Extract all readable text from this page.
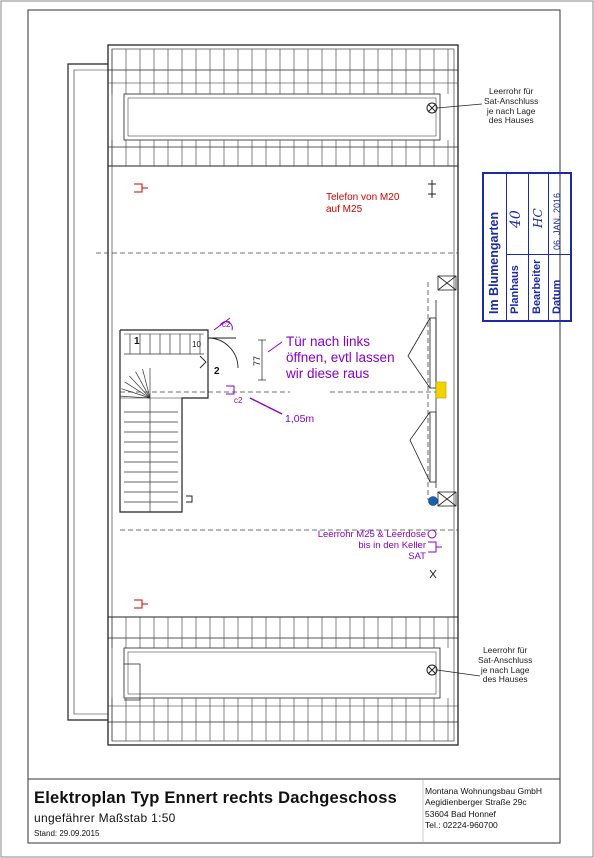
1
2
10
c2
c2
77
Leerrohr für
Sat-Anschluss
je nach Lage
des Hauses
Leerrohr für
Sat-Anschluss
je nach Lage
des Hauses
Telefon von M20
auf M25
Tür nach links
öffnen, evtl lassen
wir diese raus
1,05m
Leerrohr M25 & Leerdose
bis in den Keller
SAT
Im Blumengarten Planhaus
40
Bearbeiter
HC
Datum
06. JAN. 2016
Elektroplan Typ Ennert rechts Dachgeschoss
ungefährer Maßstab 1:50
Stand: 29.09.2015
Montana Wohnungsbau GmbH
Aegidienberger Straße 29c
53604 Bad Honnef
Tel.: 02224-960700
